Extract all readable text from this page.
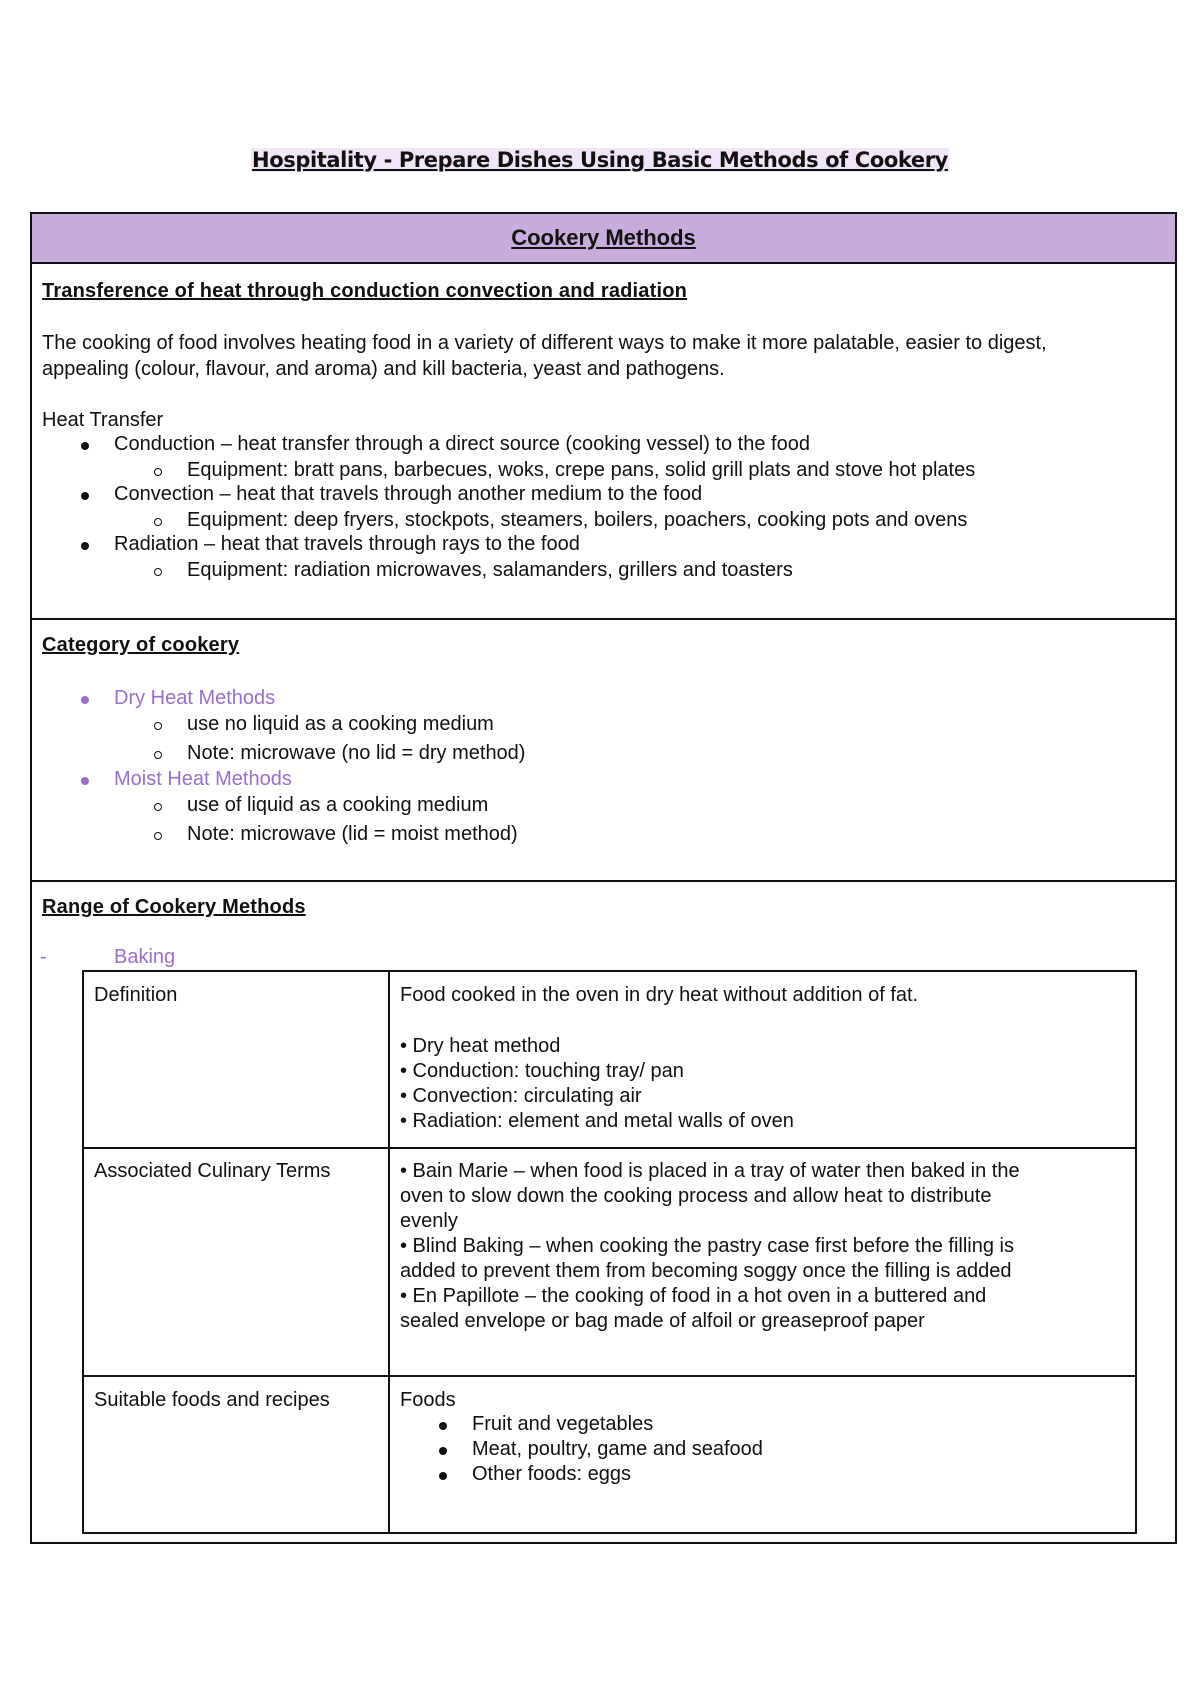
Hospitality - Prepare Dishes Using Basic Methods of Cookery
Cookery Methods
Transference of heat through conduction convection and radiation
The cooking of food involves heating food in a variety of different ways to make it more palatable, easier to digest,
appealing (colour, flavour, and aroma) and kill bacteria, yeast and pathogens.
Heat Transfer
Conduction – heat transfer through a direct source (cooking vessel) to the food
Equipment: bratt pans, barbecues, woks, crepe pans, solid grill plats and stove hot plates
Convection – heat that travels through another medium to the food
Equipment: deep fryers, stockpots, steamers, boilers, poachers, cooking pots and ovens
Radiation – heat that travels through rays to the food
Equipment: radiation microwaves, salamanders, grillers and toasters
Category of cookery
Dry Heat Methods
use no liquid as a cooking medium
Note: microwave (no lid = dry method)
Moist Heat Methods
use of liquid as a cooking medium
Note: microwave (lid = moist method)
Range of Cookery Methods
-	Baking
Definition	Food cooked in the oven in dry heat without addition of fat.
• Dry heat method
• Conduction: touching tray/ pan
• Convection: circulating air
• Radiation: element and metal walls of oven
Associated Culinary Terms	• Bain Marie – when food is placed in a tray of water then baked in the
oven to slow down the cooking process and allow heat to distribute
evenly
• Blind Baking – when cooking the pastry case first before the filling is
added to prevent them from becoming soggy once the filling is added
• En Papillote – the cooking of food in a hot oven in a buttered and
sealed envelope or bag made of alfoil or greaseproof paper
Suitable foods and recipes	Foods
Fruit and vegetables
Meat, poultry, game and seafood
Other foods: eggs
